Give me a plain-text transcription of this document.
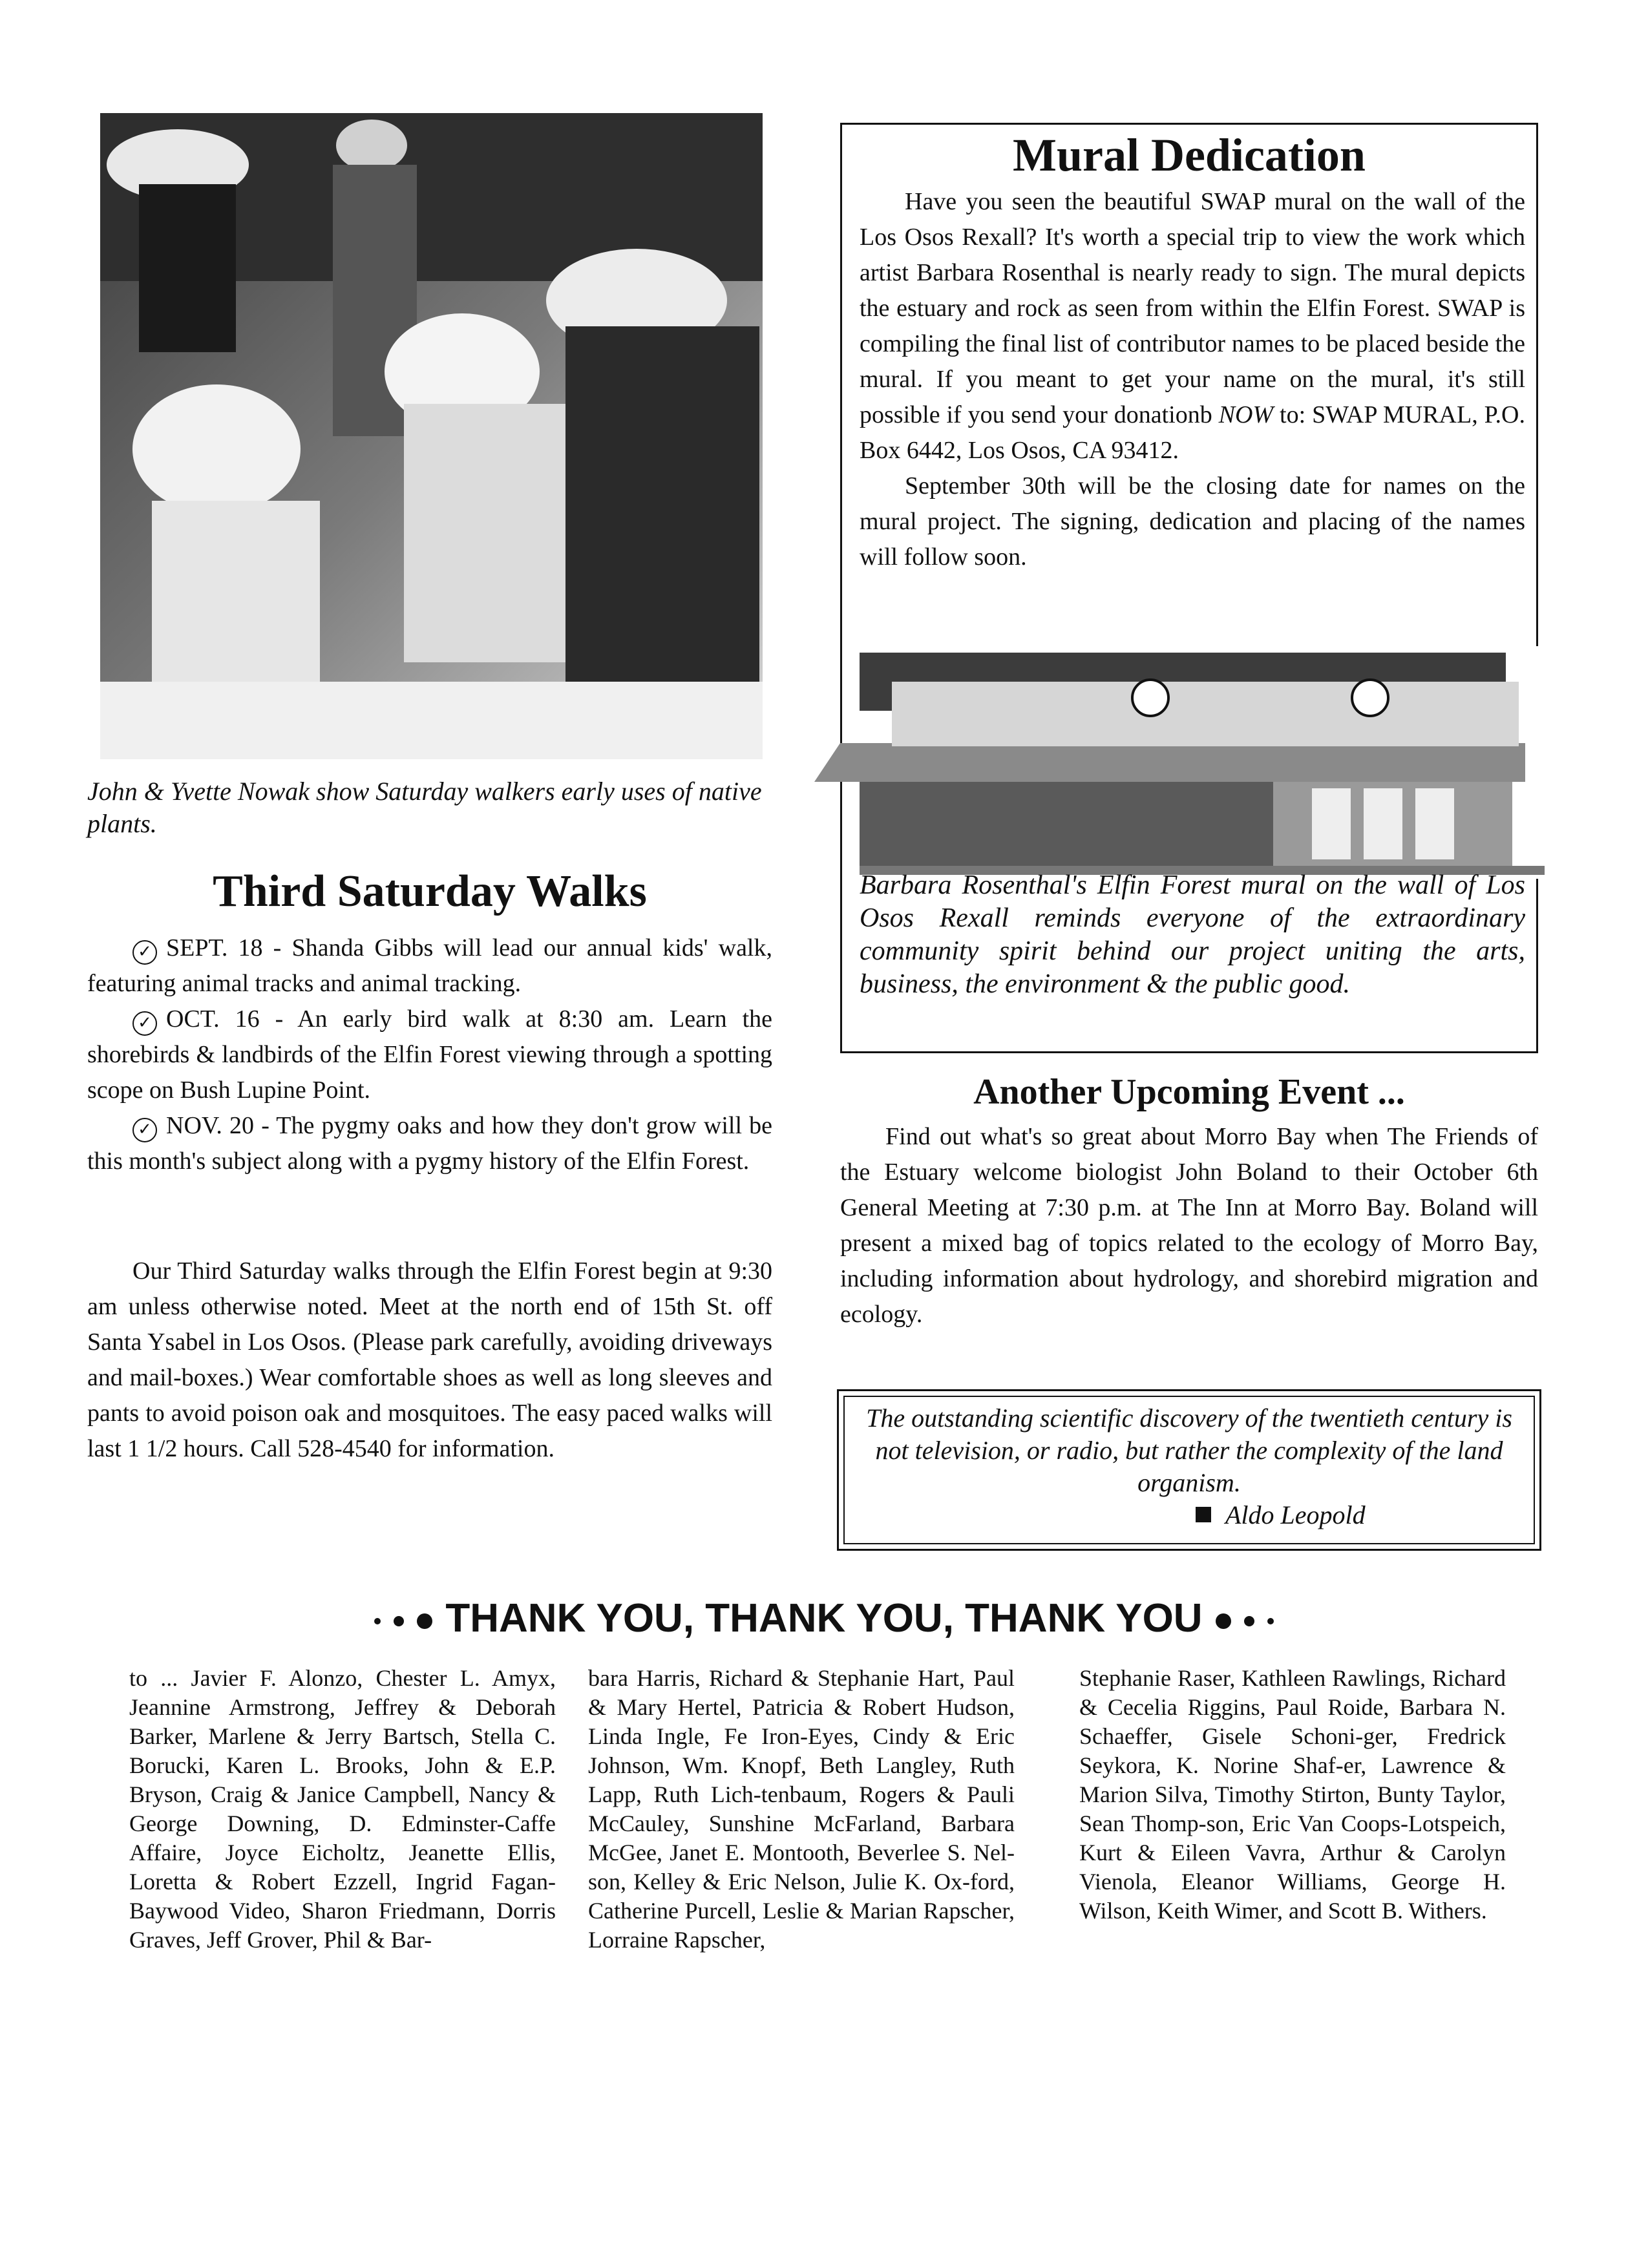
John & Yvette Nowak show Saturday walkers early uses of native plants.
Third Saturday Walks

✓ SEPT. 18 - Shanda Gibbs will lead our annual kids' walk, featuring animal tracks and animal tracking.

✓ OCT. 16 - An early bird walk at 8:30 am. Learn the shorebirds & landbirds of the Elfin Forest viewing through a spotting scope on Bush Lupine Point.

✓ NOV. 20 - The pygmy oaks and how they don't grow will be this month's subject along with a pygmy history of the Elfin Forest.

Our Third Saturday walks through the Elfin Forest begin at 9:30 am unless otherwise noted. Meet at the north end of 15th St. off Santa Ysabel in Los Osos. (Please park carefully, avoiding driveways and mail-boxes.) Wear comfortable shoes as well as long sleeves and pants to avoid poison oak and mosquitoes. The easy paced walks will last 1 1/2 hours. Call 528-4540 for information.

Mural Dedication

Have you seen the beautiful SWAP mural on the wall of the Los Osos Rexall? It's worth a special trip to view the work which artist Barbara Rosenthal is nearly ready to sign. The mural depicts the estuary and rock as seen from within the Elfin Forest. SWAP is compiling the final list of contributor names to be placed beside the mural. If you meant to get your name on the mural, it's still possible if you send your donationb NOW to: SWAP MURAL, P.O. Box 6442, Los Osos, CA 93412.

September 30th will be the closing date for names on the mural project. The signing, dedication and placing of the names will follow soon.

Barbara Rosenthal's Elfin Forest mural on the wall of Los Osos Rexall reminds everyone of the extraordinary community spirit behind our project uniting the arts, business, the environment & the public good.
Another Upcoming Event ...

Find out what's so great about Morro Bay when The Friends of the Estuary welcome biologist John Boland to their October 6th General Meeting at 7:30 p.m. at The Inn at Morro Bay. Boland will present a mixed bag of topics related to the ecology of Morro Bay, including information about hydrology, and shorebird migration and ecology.

The outstanding scientific discovery of the twentieth century is not television, or radio, but rather the complexity of the land organism.
Aldo Leopold
THANK YOU, THANK YOU, THANK YOU
to ... Javier F. Alonzo, Chester L. Amyx, Jeannine Armstrong, Jeffrey & Deborah Barker, Marlene & Jerry Bartsch, Stella C. Borucki, Karen L. Brooks, John & E.P. Bryson, Craig & Janice Campbell, Nancy & George Downing, D. Edminster-Caffe Affaire, Joyce Eicholtz, Jeanette Ellis, Loretta & Robert Ezzell, Ingrid Fagan-Baywood Video, Sharon Friedmann, Dorris Graves, Jeff Grover, Phil & Bar-
bara Harris, Richard & Stephanie Hart, Paul & Mary Hertel, Patricia & Robert Hudson, Linda Ingle, Fe Iron-Eyes, Cindy & Eric Johnson, Wm. Knopf, Beth Langley, Ruth Lapp, Ruth Lich-tenbaum, Rogers & Pauli McCauley, Sunshine McFarland, Barbara McGee, Janet E. Montooth, Beverlee S. Nel-son, Kelley & Eric Nelson, Julie K. Ox-ford, Catherine Purcell, Leslie & Marian Rapscher, Lorraine Rapscher,
Stephanie Raser, Kathleen Rawlings, Richard & Cecelia Riggins, Paul Roide, Barbara N. Schaeffer, Gisele Schoni-ger, Fredrick Seykora, K. Norine Shaf-er, Lawrence & Marion Silva, Timothy Stirton, Bunty Taylor, Sean Thomp-son, Eric Van Coops-Lotspeich, Kurt & Eileen Vavra, Arthur & Carolyn Vienola, Eleanor Williams, George H. Wilson, Keith Wimer, and Scott B. Withers.
